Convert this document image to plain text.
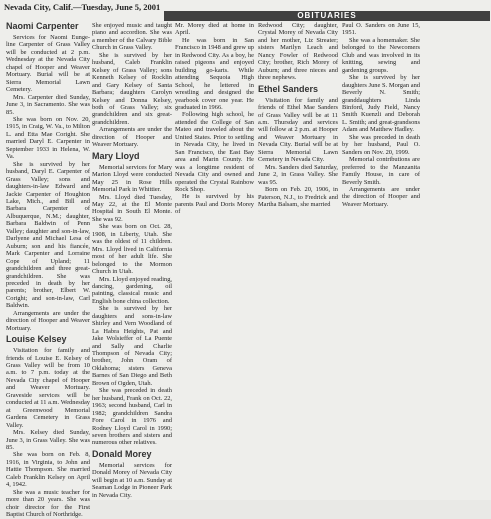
Nevada City, Calif.—Tuesday, June 5, 2001
OBITUARIES
Naomi Carpenter
Services for Naomi Eunge-line Carpenter of Grass Valley will be conducted at 2 p.m. Wednesday at the Nevada City chapel of Hooper and Weaver Mortuary. Burial will be at Sierra Memorial Lawn Cemetery.
Mrs. Carpenter died Sunday, June 3, in Sacramento. She was 85.
She was born on Nov. 20, 1915, in Craig, W. Va., to Milton L. and Etta Mae Coright. She married Daryl E. Carpenter in September 1933 in Helena, W. Va.
She is survived by her husband, Daryl E. Carpenter of Grass Valley; sons and daughters-in-law Edward and Jackie Carpenter of Houghton Lake, Mich., and Bill and Barbara Carpenter of Albuquerque, N.M.; daughter, Barbara Baldwin of Penn Valley; daughter and son-in-law, Darlyene and Michael Lesa of Auburn; son and his fiancée, Mark Carpenter and Lorraine Cope of Upland; 11 grandchildren and three great-grandchildren. She was preceded in death by her parents; brother, Elbert W. Coright; and son-in-law, Carl Baldwin.
Arrangements are under the direction of Hooper and Weaver Mortuary.
Louise Kelsey
Visitation for family and friends of Louise E. Kelsey of Grass Valley will be from 10 a.m. to 7 p.m. today at the Nevada City chapel of Hooper and Weaver Mortuary. Graveside services will be conducted at 11 a.m. Wednesday at Greenwood Memorial Gardens Cemetery in Grass Valley.
Mrs. Kelsey died Sunday, June 3, in Grass Valley. She was 85.
She was born on Feb. 8, 1916, in Virginia, to John and Hattie Thompson. She married Caleb Franklin Kelsey on April 4, 1942.
She was a music teacher for more than 20 years. She was choir director for the First Baptist Church of Northridge.
She enjoyed music and taught piano and accordion. She was a member of the Calvary Bible Church in Grass Valley.
She is survived by her husband, Caleb Franklin Kelsey of Grass Valley; sons Kenneth Kelsey of Rocklin and Gary Kelsey of Santa Barbara; daughters Carolyn Kelsey and Donna Kelsey, both of Grass Valley; six grandchildren and six great-grandchildren.
Arrangements are under the direction of Hooper and Weaver Mortuary.
Mary Lloyd
Memorial services for Mary Marion Lloyd were conducted May 25 in Rose Hills Memorial Park in Whittier.
Mrs. Lloyd died Tuesday, May 22, at the El Monte Hospital in South El Monte. She was 92.
She was born on Oct. 28, 1908, in Liberty, Utah. She was the oldest of 11 children. Mrs. Lloyd lived in California most of her adult life. She belonged to the Mormon Church in Utah.
Mrs. Lloyd enjoyed reading, dancing, gardening, oil painting, classical music and English bone china collection.
She is survived by her daughters and sons-in-law Shirley and Vern Woodland of La Habra Heights, Pat and Jake Wolsieffer of La Puente and Sally and Charlie Thompson of Nevada City; brother, John Oram of Oklahoma; sisters Geneva Barnes of San Diego and Beth Brown of Ogden, Utah.
She was preceded in death her husband, Frank on Oct. 22, 1963; second husband, Carl in 1982; grandchildren Sandra Fore Carol in 1976 and Rodney Lloyd Carol in 1990; seven brothers and sisters and numerous other relatives.
Donald Morey
Memorial services for Donald Morey of Nevada City will begin at 10 a.m. Sunday at Seaman Lodge in Pioneer Park in Nevada City.
Mr. Morey died at home in April.
He was born in San Francisco in 1948 and grew up in Redwood City. As a boy, he raised pigeons and enjoyed building go-karts. While attending Sequoia High School, he lettered in wrestling and designed the yearbook cover one year. He graduated in 1966.
Following high school, he attended the College of San Mateo and traveled about the United States. Prior to settling in Nevada City, he lived in San Francisco, the East Bay area and Marin County. He was a longtime resident of Nevada City and owned and operated the Crystal Rainbow Rock Shop.
He is survived by his parents Paul and Doris Morey of
Redwood City; daughter, Crystal Morey of Nevada City and her mother, Liz Streater; sisters Marilyn Leach and Nancy Fowler of Redwood City; brother, Rich Morey of Auburn; and three nieces and three nephews.
Ethel Sanders
Visitation for family and friends of Ethel Mae Sanders of Grass Valley will be at 11 a.m. Thursday and services will follow at 2 p.m. at Hooper and Weaver Mortuary in Nevada City. Burial will be at Sierra Memorial Lawn Cemetery in Nevada City.
Mrs. Sanders died Saturday, June 2, in Grass Valley. She was 95.
Born on Feb. 20, 1906, in Paterson, N.J., to Fredrick and Martha Balsam, she married
Paul O. Sanders on June 15, 1951.
She was a homemaker. She belonged to the Newcomers Club and was involved in its knitting, sewing and gardening groups.
She is survived by her daughters June S. Morgan and Beverly N. Smith; granddaughters Linda Binford, Judy Field, Nancy Smith Kuenzli and Deborah L. Smith; and great-grandsons Adam and Matthew Hadley.
She was preceded in death by her husband, Paul O. Sanders on Nov. 20, 1999.
Memorial contributions are preferred to the Manzanita Family House, in care of Beverly Smith.
Arrangements are under the direction of Hooper and Weaver Mortuary.
